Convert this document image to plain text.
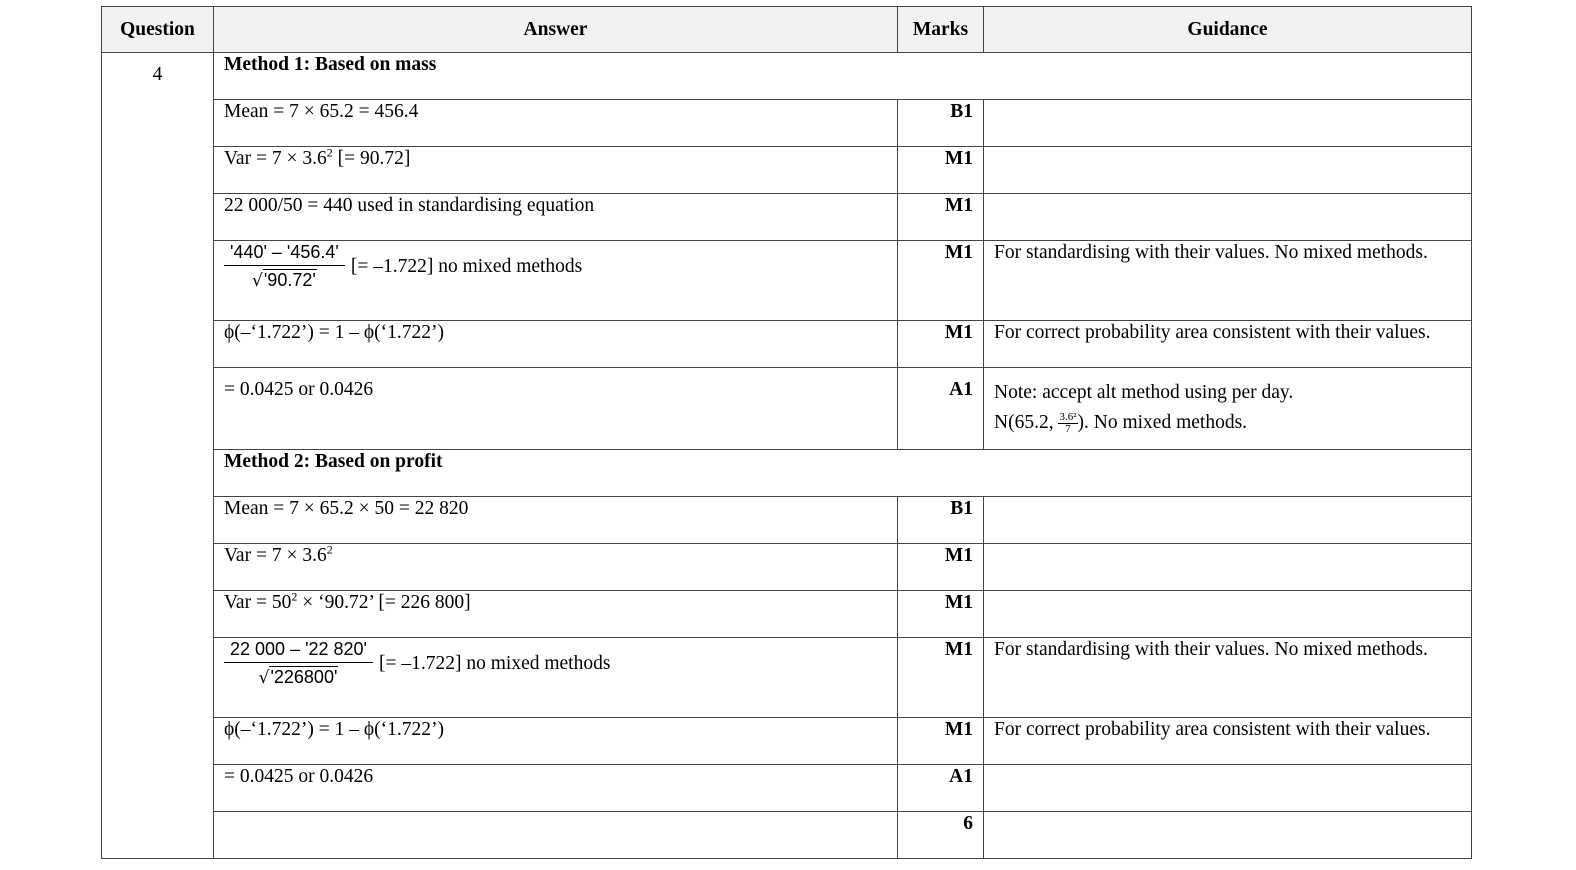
Question	Answer	Marks	Guidance
4	Method 1: Based on mass		
	Mean = 7 × 65.2 = 456.4	B1	
	Var = $7 \times 3.6^2$ [= 90.72]	M1	
	22 000/50 = 440 used in standardising equation	M1	

	$\frac{'440' - '456.4'}{√'90.72'}$ [= –1.722] no mixed methods	M1	For standardising with their values. No mixed methods.
	ϕ(–‘1.722’) = 1 – ϕ(‘1.722’)	M1	For correct probability area consistent with their values.
	= 0.0425 or 0.0426	A1	Note: accept alt method using per day.
N(65.2, $\frac{\text{3.6²}}{7}$ ). No mixed methods.

	Method 2: Based on profit		
	Mean = 7 × 65.2 × 50 = 22 820	B1	
	Var = $7 \times 3.6^2$	M1	
	Var = $50^2$ × ‘90.72’ [= 226 800]	M1	

	$\frac{22 000 - '22 820'}{√'226800'}$ [= –1.722] no mixed methods	M1	For standardising with their values. No mixed methods.
	ϕ(–‘1.722’) = 1 – ϕ(‘1.722’)	M1	For correct probability area consistent with their values.
	= 0.0425 or 0.0426	A1	
		6	
